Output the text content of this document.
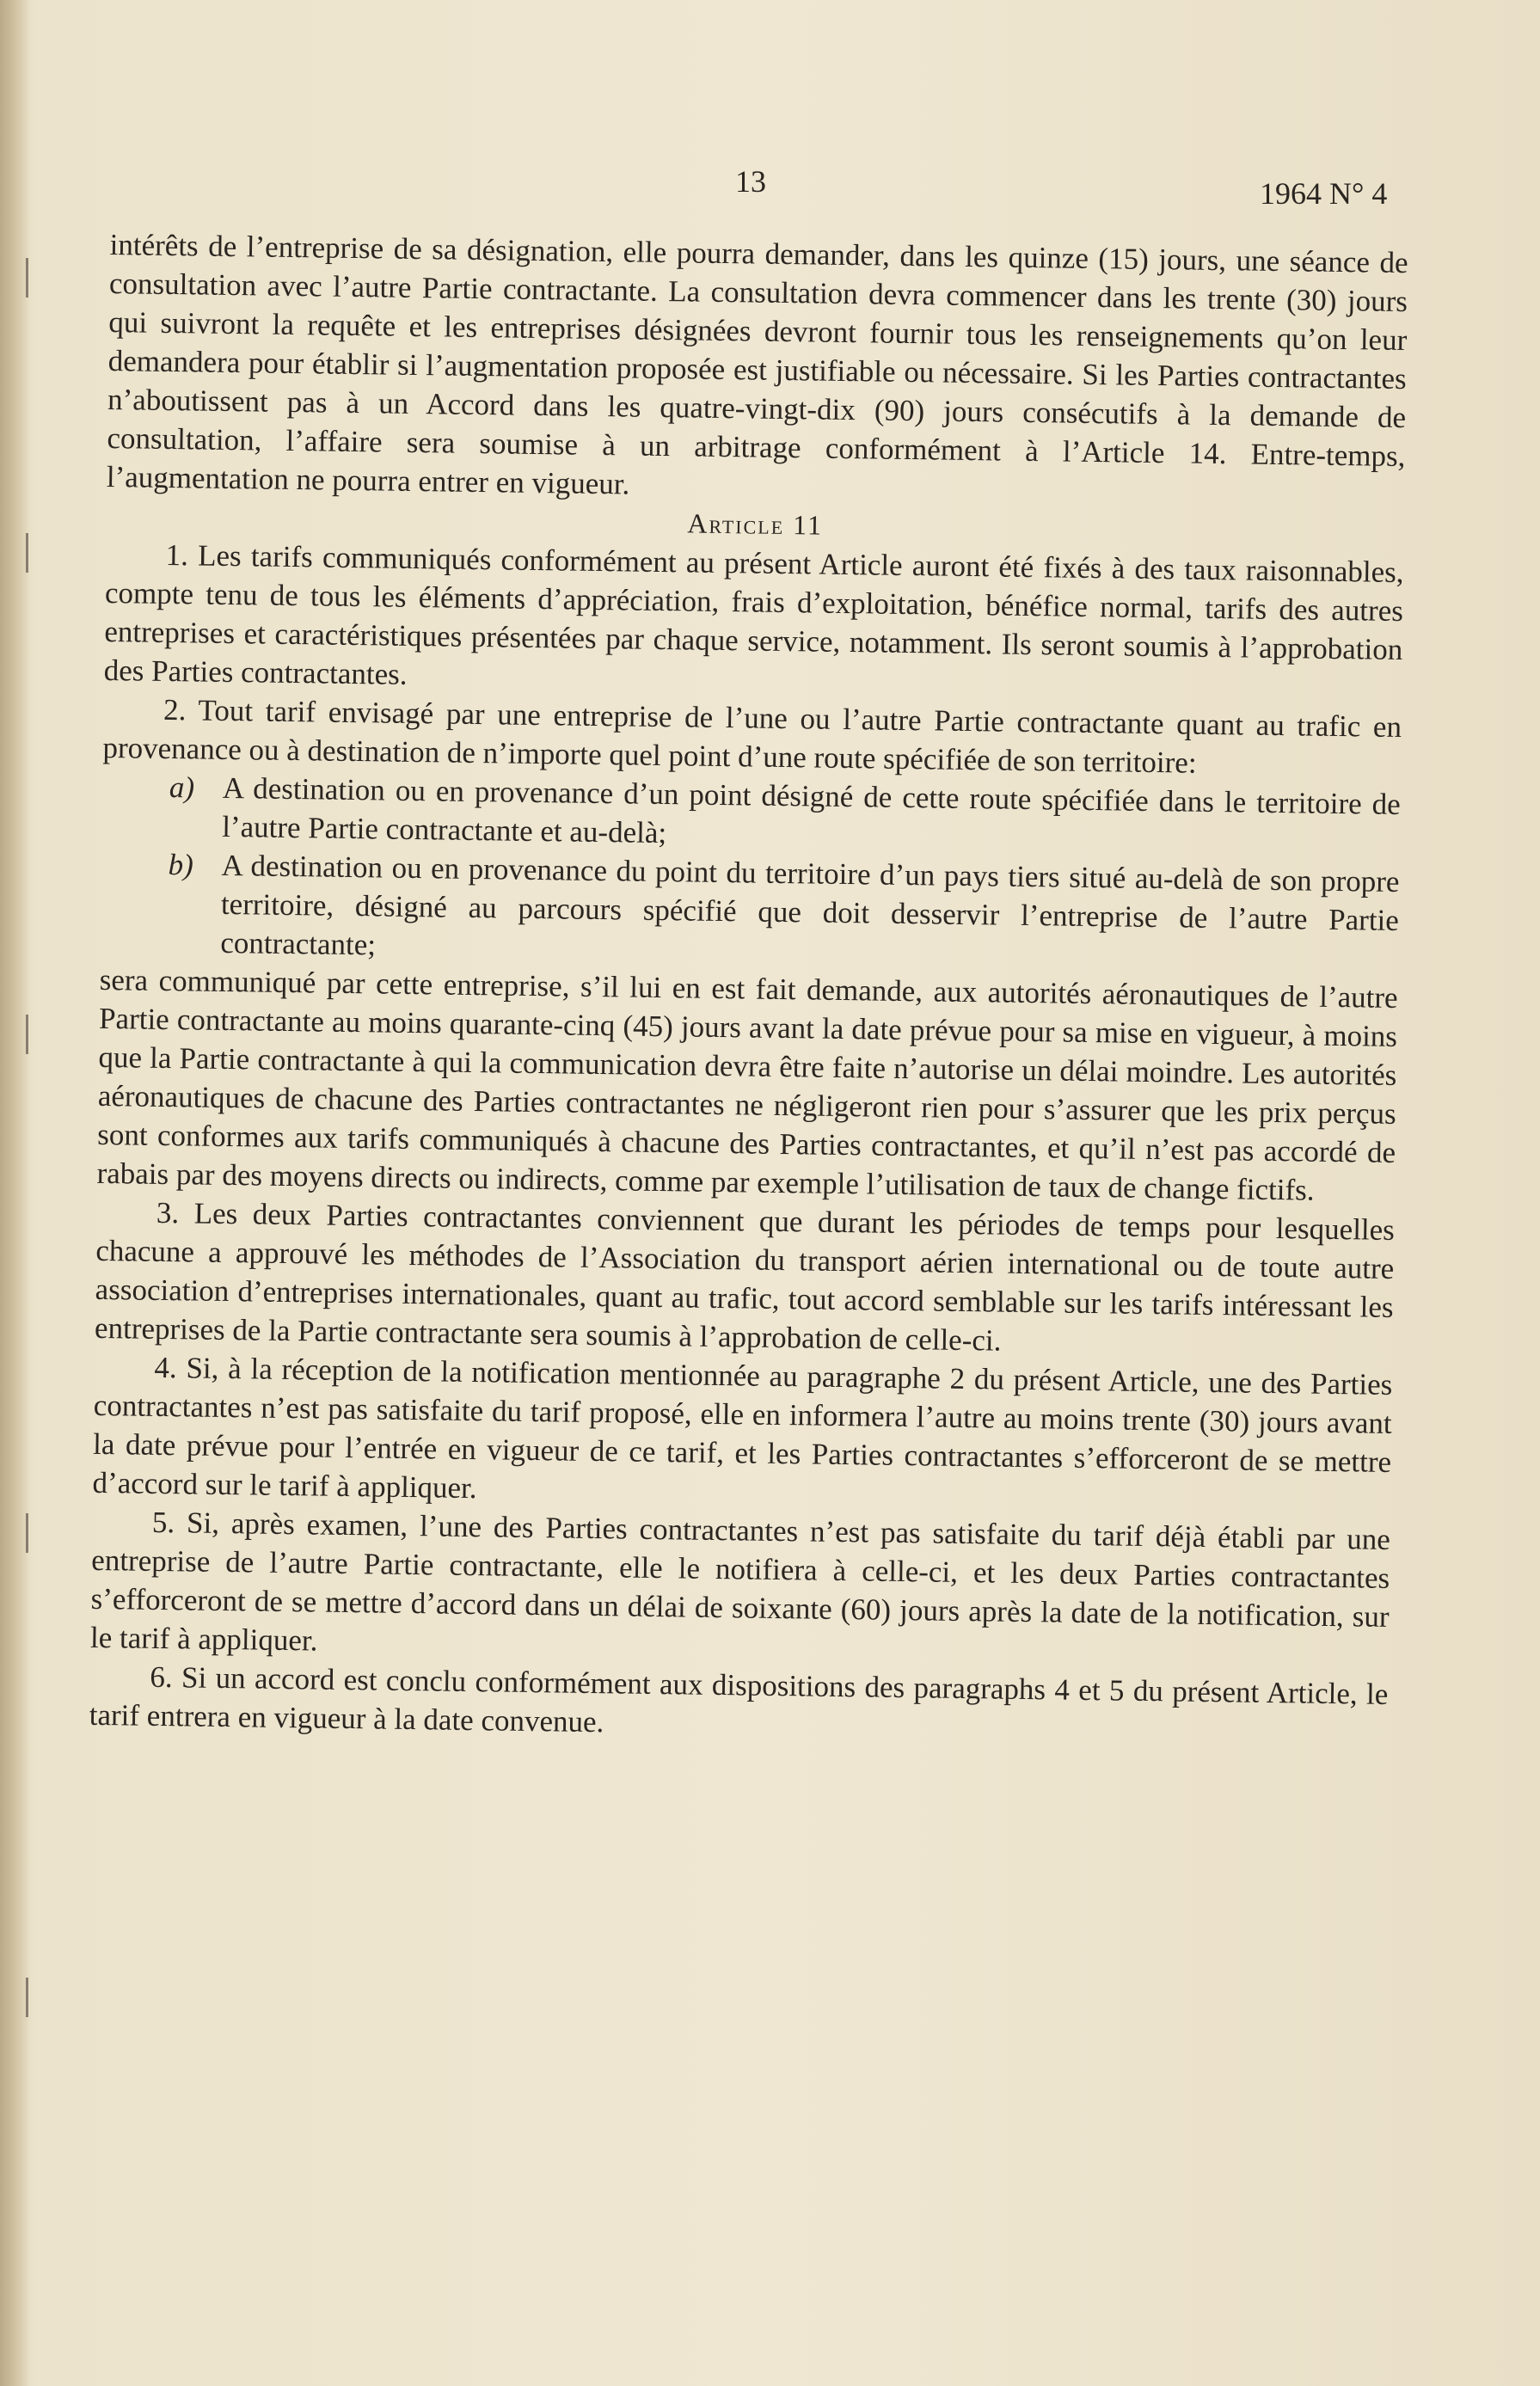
13	1964 N° 4

intérêts de l’entreprise de sa désignation, elle pourra demander, dans les quinze (15) jours, une séance de consultation avec l’autre Partie contractante. La consultation devra commencer dans les trente (30) jours qui suivront la requête et les entreprises désignées devront fournir tous les renseignements qu’on leur demandera pour établir si l’augmentation proposée est justifiable ou nécessaire. Si les Parties contractantes n’aboutissent pas à un Accord dans les quatre-vingt-dix (90) jours consécutifs à la demande de consultation, l’affaire sera soumise à un arbitrage conformément à l’Article 14. Entre-temps, l’augmentation ne pourra entrer en vigueur.

Article 11

1. Les tarifs communiqués conformément au présent Article auront été fixés à des taux raisonnables, compte tenu de tous les éléments d’appréciation, frais d’exploitation, bénéfice normal, tarifs des autres entreprises et caractéristiques présentées par chaque service, notamment. Ils seront soumis à l’approbation des Parties contractantes.

2. Tout tarif envisagé par une entreprise de l’une ou l’autre Partie contractante quant au trafic en provenance ou à destination de n’importe quel point d’une route spécifiée de son territoire:

a) A destination ou en provenance d’un point désigné de cette route spécifiée dans le territoire de l’autre Partie contractante et au-delà;
b) A destination ou en provenance du point du territoire d’un pays tiers situé au-delà de son propre territoire, désigné au parcours spécifié que doit desservir l’entreprise de l’autre Partie contractante;

sera communiqué par cette entreprise, s’il lui en est fait demande, aux autorités aéronautiques de l’autre Partie contractante au moins quarante-cinq (45) jours avant la date prévue pour sa mise en vigueur, à moins que la Partie contractante à qui la communication devra être faite n’autorise un délai moindre. Les autorités aéronautiques de chacune des Parties contractantes ne négligeront rien pour s’assurer que les prix perçus sont conformes aux tarifs communiqués à chacune des Parties contractantes, et qu’il n’est pas accordé de rabais par des moyens directs ou indirects, comme par exemple l’utilisation de taux de change fictifs.

3. Les deux Parties contractantes conviennent que durant les périodes de temps pour lesquelles chacune a approuvé les méthodes de l’Association du transport aérien international ou de toute autre association d’entreprises internationales, quant au trafic, tout accord semblable sur les tarifs intéressant les entreprises de la Partie contractante sera soumis à l’approbation de celle-ci.

4. Si, à la réception de la notification mentionnée au paragraphe 2 du présent Article, une des Parties contractantes n’est pas satisfaite du tarif proposé, elle en informera l’autre au moins trente (30) jours avant la date prévue pour l’entrée en vigueur de ce tarif, et les Parties contractantes s’efforceront de se mettre d’accord sur le tarif à appliquer.

5. Si, après examen, l’une des Parties contractantes n’est pas satisfaite du tarif déjà établi par une entreprise de l’autre Partie contractante, elle le notifiera à celle-ci, et les deux Parties contractantes s’efforceront de se mettre d’accord dans un délai de soixante (60) jours après la date de la notification, sur le tarif à appliquer.

6. Si un accord est conclu conformément aux dispositions des paragraphs 4 et 5 du présent Article, le tarif entrera en vigueur à la date convenue.
